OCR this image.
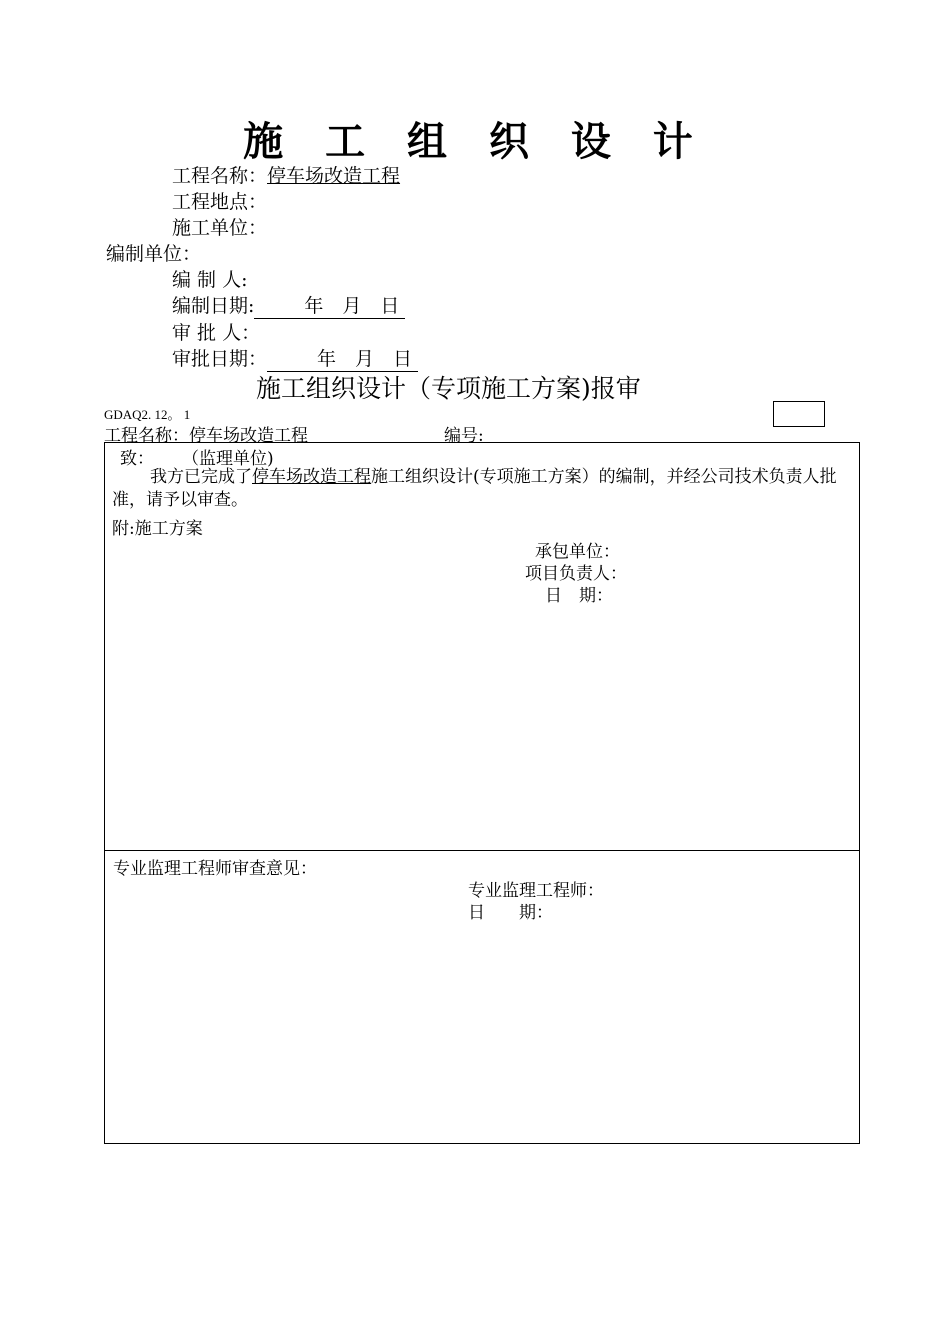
施 工 组 织 设 计
工程名称：停车场改造工程
工程地点：
施工单位：
编制单位：
编 制 人:
编制日期:	年　月　日
审 批 人：
审批日期：	年　月　日
施工组织设计（专项施工方案)报审
GDAQ2. 12。 1
工程名称：停车场改造工程	编号:
致： （监理单位)
我方已完成了停车场改造工程施工组织设计(专项施工方案）的编制，并经公司技术负责人批准，请予以审查。
附:施工方案
承包单位：
项目负责人：
日　期：
专业监理工程师审查意见：
专业监理工程师：
日　　期：
